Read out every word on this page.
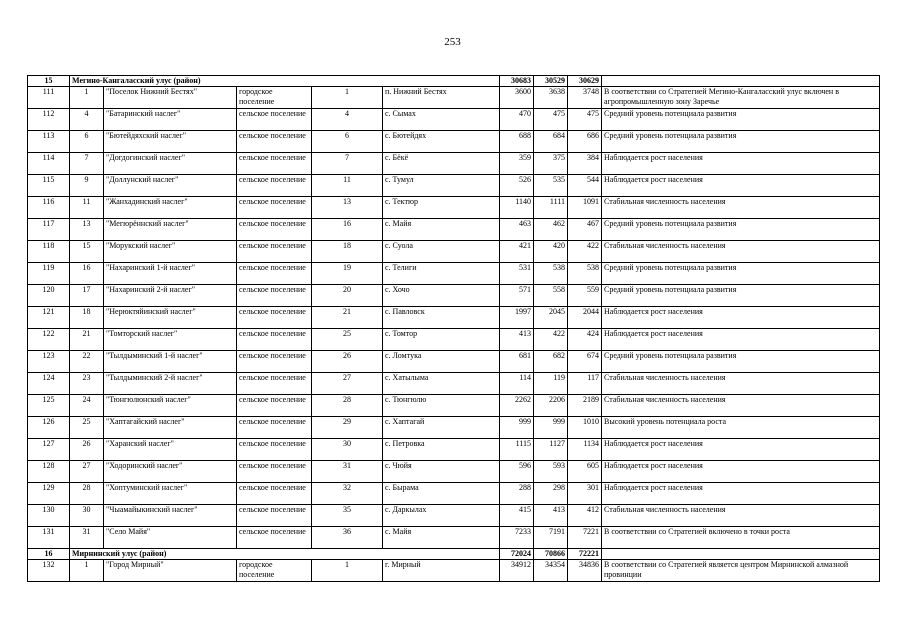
253
15	Мегино-Кангаласский улус (район)					30683	30529	30629	
111	1	"Поселок Нижний Бестях"	городское поселение	1	п. Нижний Бестях	3600	3638	3748	В соответствии со Стратегией Мегино-Кангаласский улус включен в агропромышленную зону Заречье
112	4	"Батаринский наслег"	сельское поселение	4	с. Сымах	470	475	475	Средний уровень потенциала развития
113	6	"Бютейдяхский наслег"	сельское поселение	6	с. Бютейдях	688	684	686	Средний уровень потенциала развития
114	7	"Догдогинский наслег"	сельское поселение	7	с. Бёкё	359	375	384	Наблюдается рост населения
115	9	"Доллунский наслег"	сельское поселение	11	с. Тумул	526	535	544	Наблюдается рост населения
116	11	"Жанхадинский наслег"	сельское поселение	13	с. Тектюр	1140	1111	1091	Стабильная численность населения
117	13	"Мегюрённский наслег"	сельское поселение	16	с. Майя	463	462	467	Средний уровень потенциала развития
118	15	"Морукский наслег"	сельское поселение	18	с. Суола	421	420	422	Стабильная численность населения
119	16	"Нахаринский 1-й наслег"	сельское поселение	19	с. Телиги	531	538	538	Средний уровень потенциала развития
120	17	"Нахаринский 2-й наслег"	сельское поселение	20	с. Хочо	571	558	559	Средний уровень потенциала развития
121	18	"Нерюктяйинский наслег"	сельское поселение	21	с. Павловск	1997	2045	2044	Наблюдается рост населения
122	21	"Томторский наслег"	сельское поселение	25	с. Томтор	413	422	424	Наблюдается рост населения
123	22	"Тылдыминский 1-й наслег"	сельское поселение	26	с. Ломтука	681	682	674	Средний уровень потенциала развития
124	23	"Тылдыминский 2-й наслег"	сельское поселение	27	с. Хатылыма	114	119	117	Стабильная численность населения
125	24	"Тюнгюлюнский наслег"	сельское поселение	28	с. Тюнгюлю	2262	2206	2189	Стабильная численность населения
126	25	"Хаптагайский наслег"	сельское поселение	29	с. Хаптагай	999	999	1010	Высокий уровень потенциала роста
127	26	"Харанский наслег"	сельское поселение	30	с. Петровка	1115	1127	1134	Наблюдается рост населения
128	27	"Ходоринский наслег"	сельское поселение	31	с. Чюйя	596	593	605	Наблюдается рост населения
129	28	"Хоптуминский наслег"	сельское поселение	32	с. Бырама	288	298	301	Наблюдается рост населения
130	30	"Чыамайыкинский наслег"	сельское поселение	35	с. Даркылах	415	413	412	Стабильная численность населения
131	31	"Село Майя"	сельское поселение	36	с. Майя	7233	7191	7221	В соответствии со Стратегией включено в точки роста
16	Мирнинский улус (район)					72024	70866	72221	
132	1	"Город Мирный"	городское поселение	1	г. Мирный	34912	34354	34836	В соответствии со Стратегией является центром Мирнинской алмазной провинции
